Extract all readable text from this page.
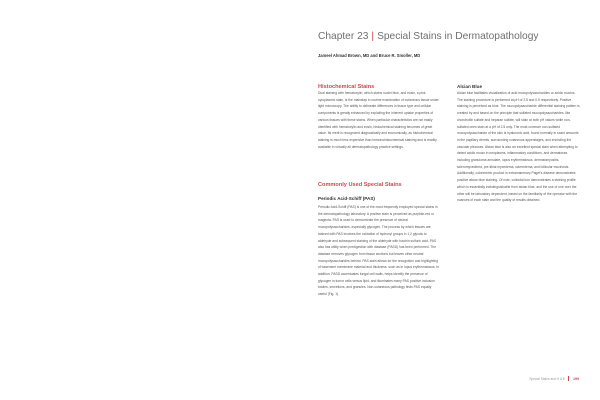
Chapter 23 | Special Stains in Dermatopathology

Jameel Ahmad Brown, MD and Bruce R. Smoller, MD

Histochemical Stains

Dual staining with hematoxylin, which stains nuclei blue, and eosin, a pink cytoplasmic stain, is the mainstay in routine examination of cutaneous tissue under light microscopy. The ability to delineate differences in tissue type and cellular components is greatly enhanced by exploiting the inherent uptake properties of various tissues with these stains. When particular characteristics are not easily identified with hematoxylin and eosin, histochemical staining becomes of great value. Its merit is recognized diagnostically and economically, as histochemical staining is much less expensive than immunohistochemical staining and is readily available in virtually all dermatopathology practice settings.

Commonly Used Special Stains
Periodic Acid-Schiff (PAS)

Periodic Acid-Schiff (PAS) is one of the most frequently employed special stains in the dermatopathology laboratory. A positive stain is perceived as purplish-red or magenta. PAS is used to demonstrate the presence of neutral mucopolysaccharides, especially glycogen. The process by which tissues are stained with PAS involves the oxidation of hydroxyl groups in 1,2 glycols to aldehyde and subsequent staining of the aldehyde with fuschin sulfuric acid. PAS also has utility when predigestion with diastase (PASD) has been performed. The diastase removes glycogen from tissue sections but leaves other neutral mucopolysaccharides behind. PAS stain allows for the recognition and highlighting of basement membrane material and thickness, such as in lupus erythematosus. In addition, PASD accentuates fungal cell walls, helps identify the presence of glycogen in tumor cells versus lipid, and illuminates many PAS positive inclusion bodies, secretions, and granules. Non-cutaneous pathology finds PAS equally useful (Fig. 1).

Alcian Blue

Alcian blue facilitates visualization of acid mucopolysaccharides or acidic mucins. The staining procedure is performed at pH of 2.5 and 0.5 respectively. Positive staining is perceived as blue. The mucopolysaccharide differential staining pattern is created by and based on the principle that sulfated mucopolysaccharides, like chondroitin sulfate and heparan sulfate, will stain at both pH values while non-sulfated ones stain at a pH of 2.5 only. The most common non-sulfated mucopolysaccharide of the skin is hyaluronic acid, found normally in scant amounts in the papillary dermis, surrounding cutaneous appendages, and encircling the vascular plexuses. Alcian blue is also an excellent special stain when attempting to detect acidic mucin in neoplasms, inflammatory conditions, and dermatoses including granuloma annulare, lupus erythematosus, dermatomyositis, scleromyxedema, pre-tibial myxedema, scleredema, and follicular mucinosis. Additionally, colorimetric product in extramammary Paget's disease demonstrates positive alcian blue staining. Of note, colloidal iron demonstrates a staining profile which is essentially indistinguishable from alcian blue, and the use of one over the other will be laboratory dependent, based on the familiarity of the operator with the nuances of each stain and the quality of results obtained.

Special Stains and H & E 199
